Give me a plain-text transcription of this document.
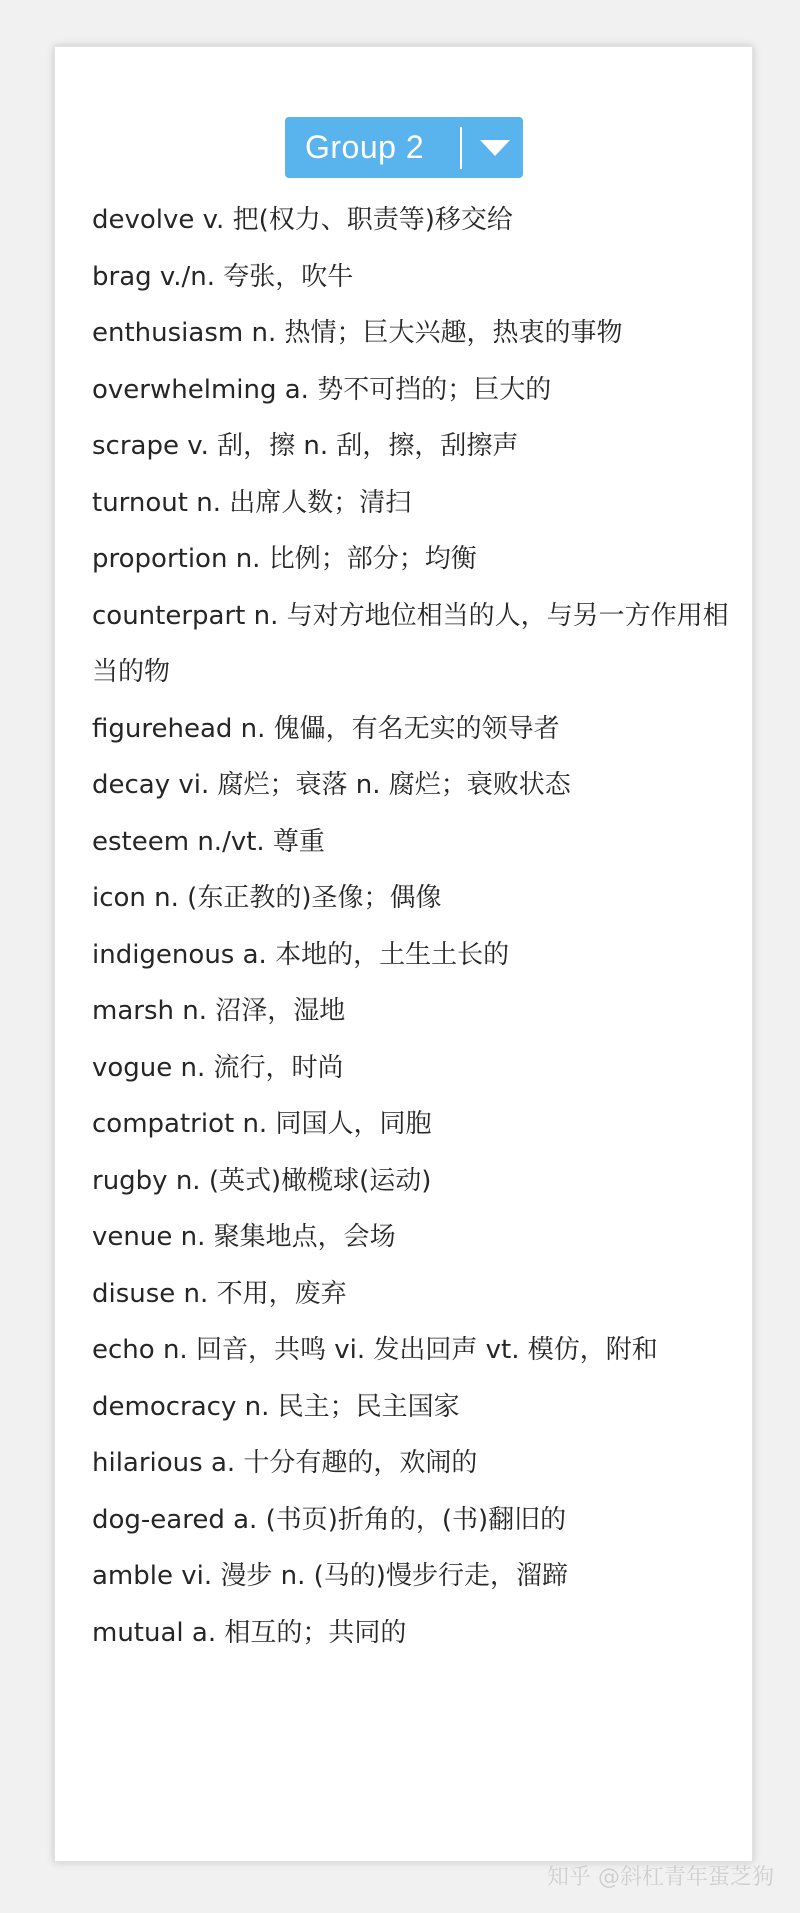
Group 2
devolve v. 把(权力、职责等)移交给
brag v./n. 夸张，吹牛
enthusiasm n. 热情；巨大兴趣，热衷的事物
overwhelming a. 势不可挡的；巨大的
scrape v. 刮，擦 n. 刮，擦，刮擦声
turnout n. 出席人数；清扫
proportion n. 比例；部分；均衡
counterpart n. 与对方地位相当的人，与另一方作用相当的物
figurehead n. 傀儡，有名无实的领导者
decay vi. 腐烂；衰落 n. 腐烂；衰败状态
esteem n./vt. 尊重
icon n. (东正教的)圣像；偶像
indigenous a. 本地的，土生土长的
marsh n. 沼泽，湿地
vogue n. 流行，时尚
compatriot n. 同国人，同胞
rugby n. (英式)橄榄球(运动)
venue n. 聚集地点，会场
disuse n. 不用，废弃
echo n. 回音，共鸣 vi. 发出回声 vt. 模仿，附和
democracy n. 民主；民主国家
hilarious a. 十分有趣的，欢闹的
dog-eared a. (书页)折角的，(书)翻旧的
amble vi. 漫步 n. (马的)慢步行走，溜蹄
mutual a. 相互的；共同的
知乎 @斜杠青年蛋芝狗
